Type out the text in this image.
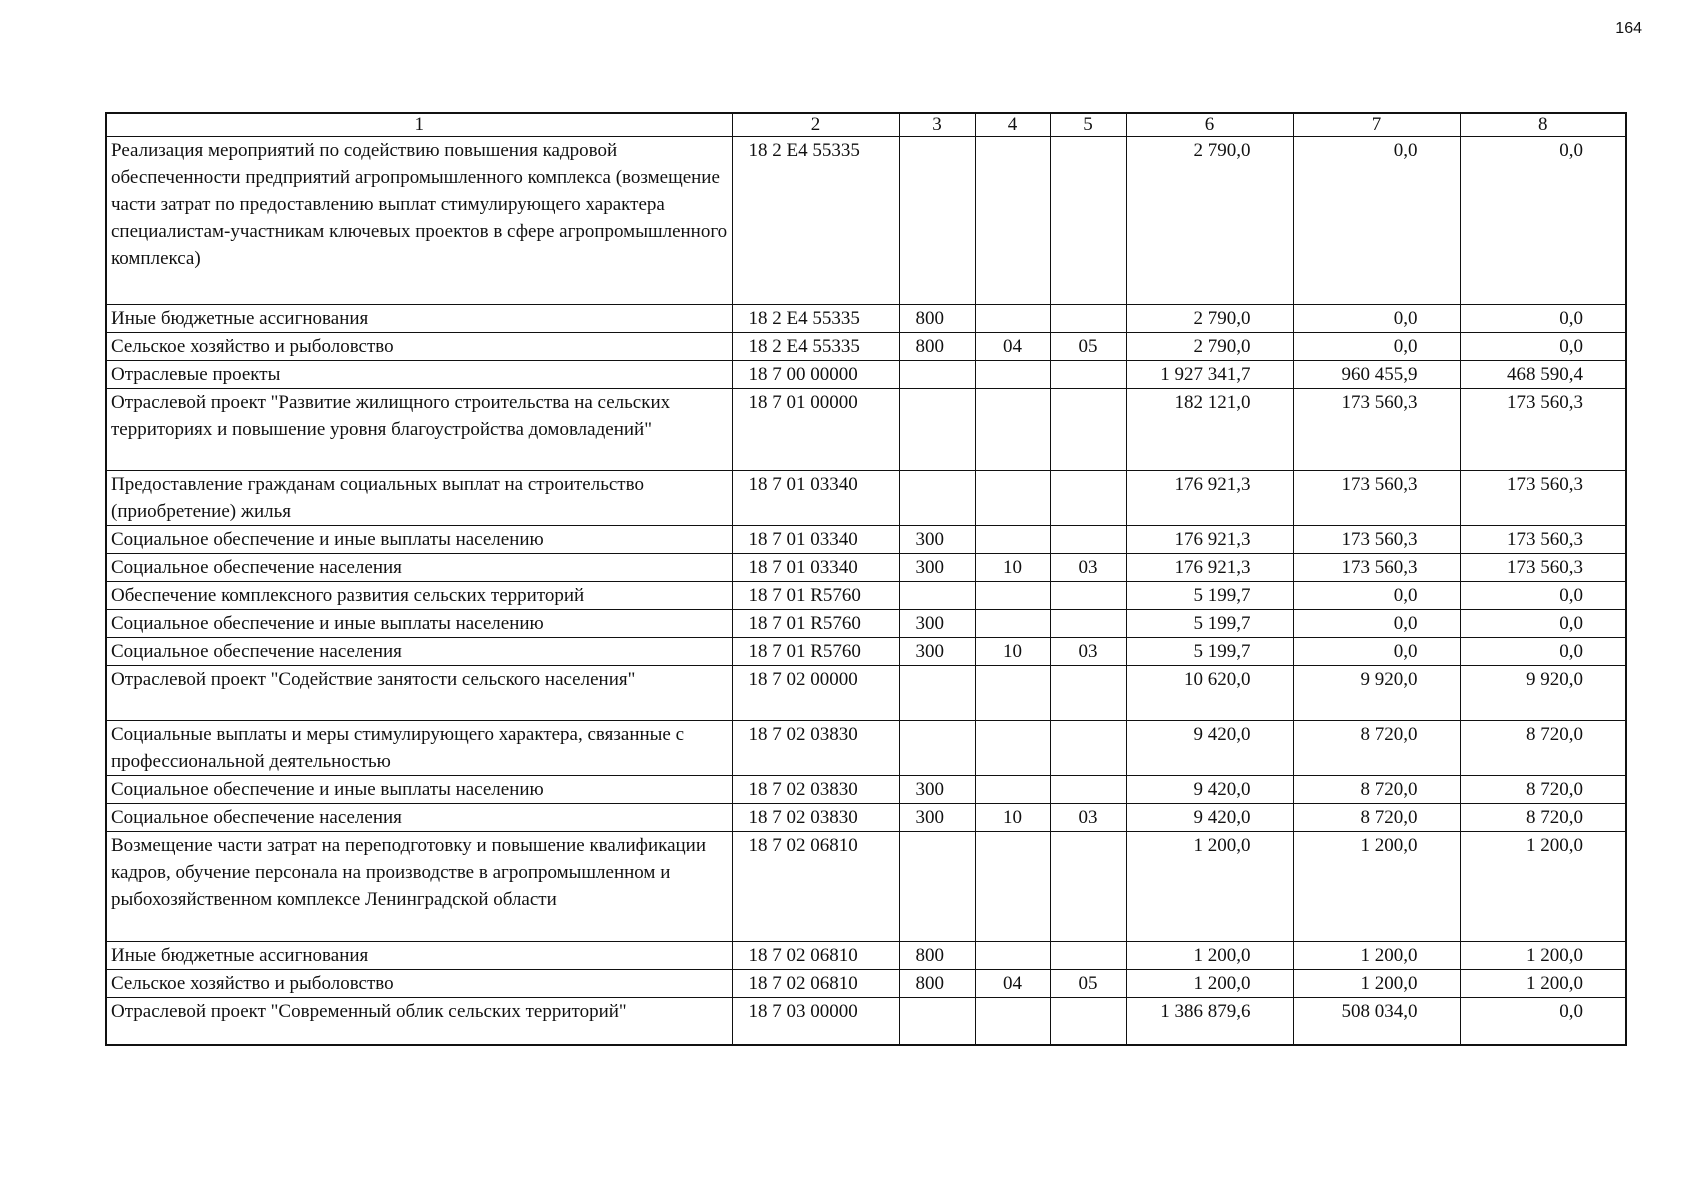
164
1	2	3	4	5	6	7	8
Реализация мероприятий по содействию повышения кадровой обеспеченности предприятий агропромышленного комплекса (возмещение части затрат по предоставлению выплат стимулирующего характера специалистам-участникам ключевых проектов в сфере агропромышленного комплекса)	18 2 E4 55335				2 790,0	0,0	0,0
Иные бюджетные ассигнования	18 2 E4 55335	800			2 790,0	0,0	0,0
Сельское хозяйство и рыболовство	18 2 E4 55335	800	04	05	2 790,0	0,0	0,0
Отраслевые проекты	18 7 00 00000				1 927 341,7	960 455,9	468 590,4
Отраслевой проект "Развитие жилищного строительства на сельских территориях и повышение уровня благоустройства домовладений"	18 7 01 00000				182 121,0	173 560,3	173 560,3
Предоставление гражданам социальных выплат на строительство (приобретение) жилья	18 7 01 03340				176 921,3	173 560,3	173 560,3
Социальное обеспечение и иные выплаты населению	18 7 01 03340	300			176 921,3	173 560,3	173 560,3
Социальное обеспечение населения	18 7 01 03340	300	10	03	176 921,3	173 560,3	173 560,3
Обеспечение комплексного развития сельских территорий	18 7 01 R5760				5 199,7	0,0	0,0
Социальное обеспечение и иные выплаты населению	18 7 01 R5760	300			5 199,7	0,0	0,0
Социальное обеспечение населения	18 7 01 R5760	300	10	03	5 199,7	0,0	0,0
Отраслевой проект "Содействие занятости сельского населения"	18 7 02 00000				10 620,0	9 920,0	9 920,0
Социальные выплаты и меры стимулирующего характера, связанные с профессиональной деятельностью	18 7 02 03830				9 420,0	8 720,0	8 720,0
Социальное обеспечение и иные выплаты населению	18 7 02 03830	300			9 420,0	8 720,0	8 720,0
Социальное обеспечение населения	18 7 02 03830	300	10	03	9 420,0	8 720,0	8 720,0
Возмещение части затрат на переподготовку и повышение квалификации кадров, обучение персонала на производстве в агропромышленном и рыбохозяйственном комплексе Ленинградской области	18 7 02 06810				1 200,0	1 200,0	1 200,0
Иные бюджетные ассигнования	18 7 02 06810	800			1 200,0	1 200,0	1 200,0
Сельское хозяйство и рыболовство	18 7 02 06810	800	04	05	1 200,0	1 200,0	1 200,0
Отраслевой проект "Современный облик сельских территорий"	18 7 03 00000				1 386 879,6	508 034,0	0,0
